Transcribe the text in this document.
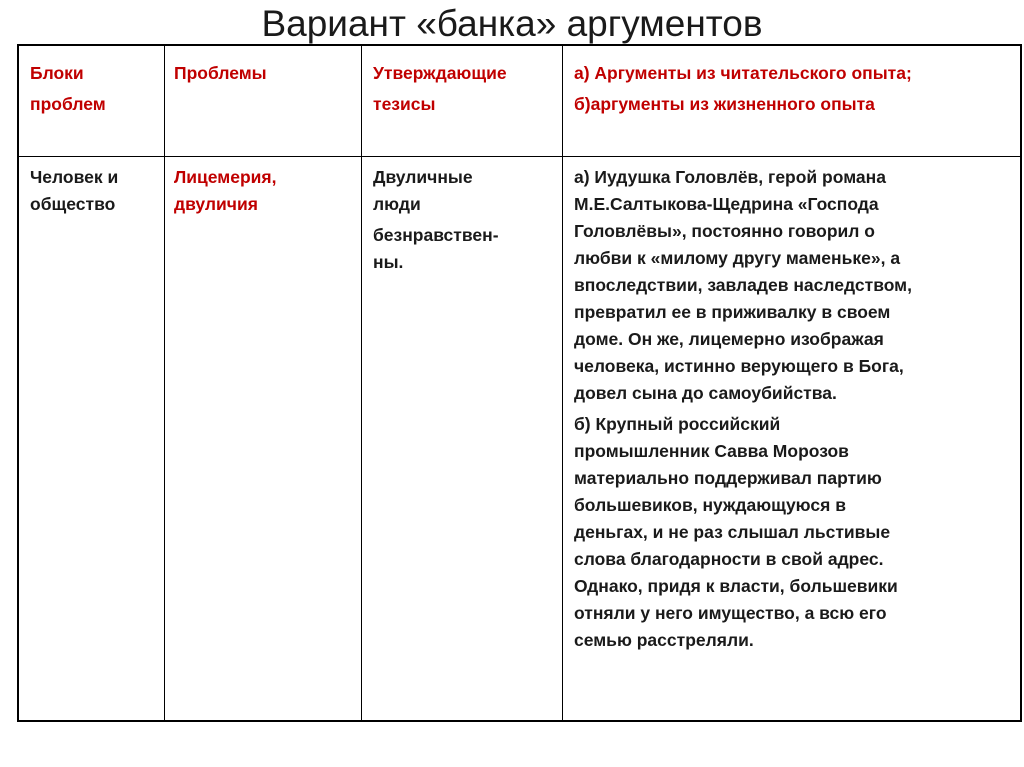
Вариант «банка» аргументов

Блоки

проблем

Проблемы	Утверждающие

тезисы

а) Аргументы из читательского опыта;

б)аргументы из жизненного опыта

Человек и

общество

Лицемерия,

двуличия

Двуличные

люди

безнравствен-

ны.

а) Иудушка Головлёв, герой романа

М.Е.Салтыкова-Щедрина «Господа

Головлёвы», постоянно говорил о

любви к «милому другу маменьке», а

впоследствии, завладев наследством,

превратил ее в приживалку в своем

доме. Он же, лицемерно изображая

человека, истинно верующего в Бога,

довел сына до самоубийства.

б) Крупный российский

промышленник Савва Морозов

материально поддерживал партию

большевиков, нуждающуюся в

деньгах, и не раз слышал льстивые

слова благодарности в свой адрес.

Однако, придя к власти, большевики

отняли у него имущество, а всю его

семью расстреляли.
